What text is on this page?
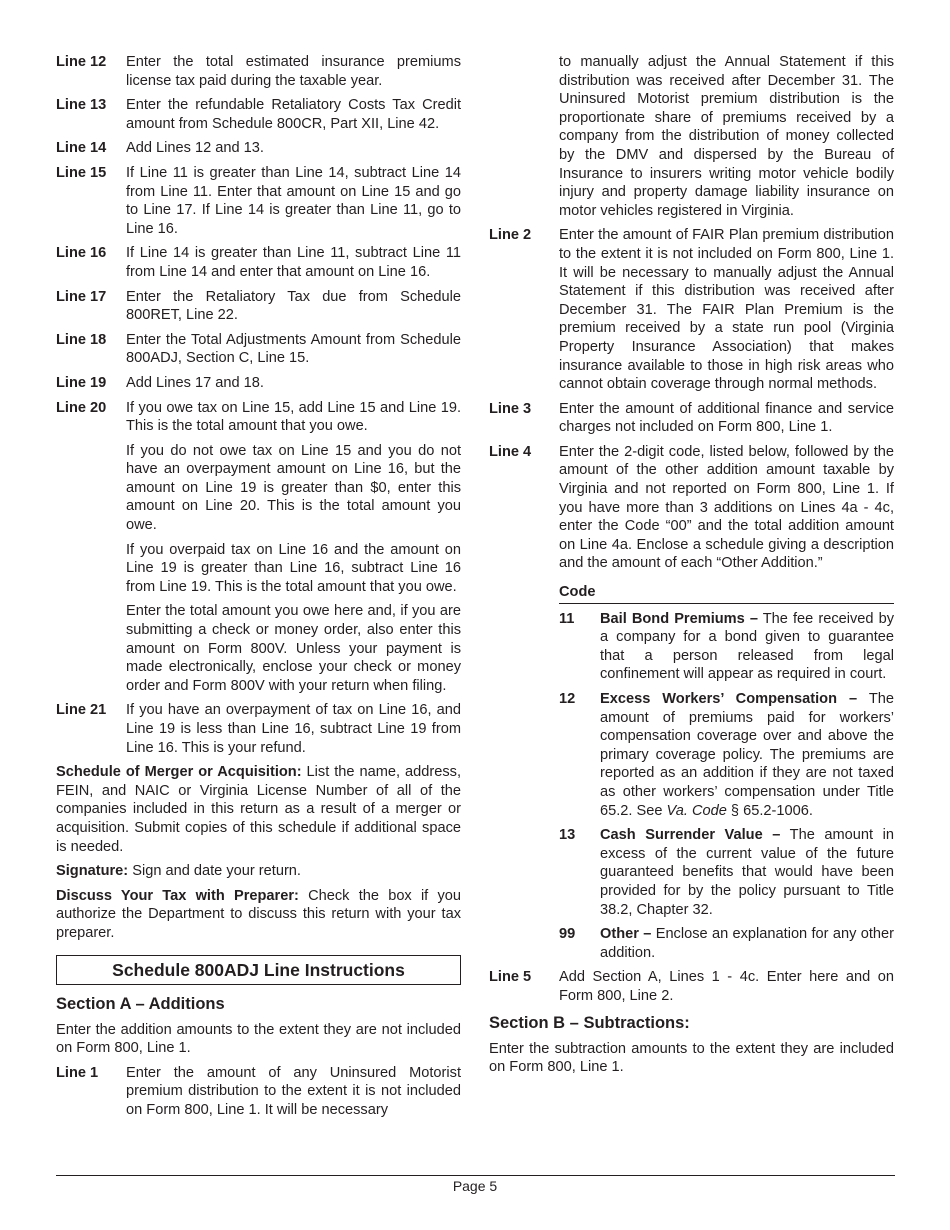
Line 12	Enter the total estimated insurance premiums license tax paid during the taxable year.
Line 13	Enter the refundable Retaliatory Costs Tax Credit amount from Schedule 800CR, Part XII, Line 42.
Line 14	Add Lines 12 and 13.
Line 15	If Line 11 is greater than Line 14, subtract Line 14 from Line 11. Enter that amount on Line 15 and go to Line 17. If Line 14 is greater than Line 11, go to Line 16.
Line 16	If Line 14 is greater than Line 11, subtract Line 11 from Line 14 and enter that amount on Line 16.
Line 17	Enter the Retaliatory Tax due from Schedule 800RET, Line 22.
Line 18	Enter the Total Adjustments Amount from Schedule 800ADJ, Section C, Line 15.
Line 19	Add Lines 17 and 18.
Line 20	If you owe tax on Line 15, add Line 15 and Line 19. This is the total amount that you owe.
If you do not owe tax on Line 15 and you do not have an overpayment amount on Line 16, but the amount on Line 19 is greater than $0, enter this amount on Line 20. This is the total amount you owe.
If you overpaid tax on Line 16 and the amount on Line 19 is greater than Line 16, subtract Line 16 from Line 19. This is the total amount that you owe.
Enter the total amount you owe here and, if you are submitting a check or money order, also enter this amount on Form 800V. Unless your payment is made electronically, enclose your check or money order and Form 800V with your return when filing.
Line 21	If you have an overpayment of tax on Line 16, and Line 19 is less than Line 16, subtract Line 19 from Line 16. This is your refund.
Schedule of Merger or Acquisition: List the name, address, FEIN, and NAIC or Virginia License Number of all of the companies included in this return as a result of a merger or acquisition. Submit copies of this schedule if additional space is needed.
Signature: Sign and date your return.
Discuss Your Tax with Preparer: Check the box if you authorize the Department to discuss this return with your tax preparer.
Schedule 800ADJ Line Instructions
Section A – Additions
Enter the addition amounts to the extent they are not included on Form 800, Line 1.
Line 1	Enter the amount of any Uninsured Motorist premium distribution to the extent it is not included on Form 800, Line 1. It will be necessary
to manually adjust the Annual Statement if this distribution was received after December 31. The Uninsured Motorist premium distribution is the proportionate share of premiums received by a company from the distribution of money collected by the DMV and dispersed by the Bureau of Insurance to insurers writing motor vehicle bodily injury and property damage liability insurance on motor vehicles registered in Virginia.
Line 2	Enter the amount of FAIR Plan premium distribution to the extent it is not included on Form 800, Line 1. It will be necessary to manually adjust the Annual Statement if this distribution was received after December 31. The FAIR Plan Premium is the premium received by a state run pool (Virginia Property Insurance Association) that makes insurance available to those in high risk areas who cannot obtain coverage through normal methods.
Line 3	Enter the amount of additional finance and service charges not included on Form 800, Line 1.
Line 4	Enter the 2-digit code, listed below, followed by the amount of the other addition amount taxable by Virginia and not reported on Form 800, Line 1. If you have more than 3 additions on Lines 4a - 4c, enter the Code “00” and the total addition amount on Line 4a. Enclose a schedule giving a description and the amount of each “Other Addition.”
Code
11	Bail Bond Premiums – The fee received by a company for a bond given to guarantee that a person released from legal confinement will appear as required in court.
12	Excess Workers’ Compensation – The amount of premiums paid for workers’ compensation coverage over and above the primary coverage policy. The premiums are reported as an addition if they are not taxed as other workers’ compensation under Title 65.2. See Va. Code § 65.2-1006.
13	Cash Surrender Value – The amount in excess of the current value of the future guaranteed benefits that would have been provided for by the policy pursuant to Title 38.2, Chapter 32.
99	Other – Enclose an explanation for any other addition.
Line 5	Add Section A, Lines 1 - 4c. Enter here and on Form 800, Line 2.
Section B – Subtractions:
Enter the subtraction amounts to the extent they are included on Form 800, Line 1.
Page 5
